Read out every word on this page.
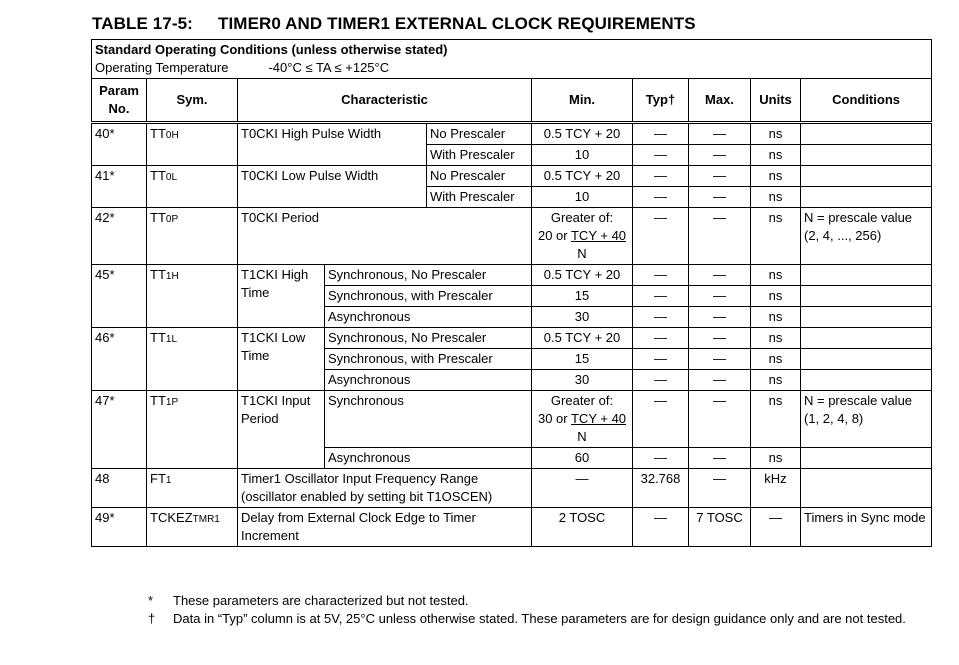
TABLE 17-5: TIMER0 AND TIMER1 EXTERNAL CLOCK REQUIREMENTS
Standard Operating Conditions (unless otherwise stated)
Operating Temperature -40°C ≤ TA ≤ +125°C									

Param No.	Sym.	Characteristic			Min.	Typ†	Max.	Units	Conditions
40*	TT0H	T0CKI High Pulse Width		No Prescaler	0.5 TCY + 20	—	—	ns	
				With Prescaler	10	—	—	ns	
41*	TT0L	T0CKI Low Pulse Width		No Prescaler	0.5 TCY + 20	—	—	ns	
				With Prescaler	10	—	—	ns	
42*	TT0P	T0CKI Period			Greater of:
20 or TCY + 40
N	—	—	ns	N = prescale value (2, 4, ..., 256)
45*	TT1H	T1CKI High Time	Synchronous, No Prescaler		0.5 TCY + 20	—	—	ns	
			Synchronous, with Prescaler		15	—	—	ns	
			Asynchronous		30	—	—	ns	
46*	TT1L	T1CKI Low Time	Synchronous, No Prescaler		0.5 TCY + 20	—	—	ns	
			Synchronous, with Prescaler		15	—	—	ns	
			Asynchronous		30	—	—	ns	
47*	TT1P	T1CKI Input Period	Synchronous		Greater of:
30 or TCY + 40
N	—	—	ns	N = prescale value (1, 2, 4, 8)
			Asynchronous		60	—	—	ns	
48	FT1	Timer1 Oscillator Input Frequency Range (oscillator enabled by setting bit T1OSCEN)			—	32.768	—	kHz	
49*	TCKEZTMR1	Delay from External Clock Edge to Timer Increment			2 TOSC	—	7 TOSC	—	Timers in Sync mode
* These parameters are characterized but not tested.
† Data in “Typ” column is at 5V, 25°C unless otherwise stated. These parameters are for design guidance only and are not tested.
